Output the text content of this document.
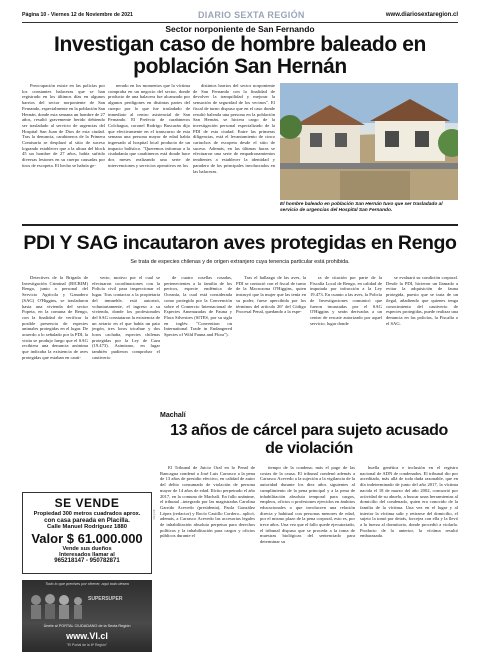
Página 10 - Viernes 12 de Noviembre de 2021	DIARIO SEXTA REGIÓN	www.diariosextaregion.cl
Sector norponiente de San Fernando
Investigan caso de hombre baleado en población San Hernán

Preocupación existe en las policías por los constantes balaceras que se han registrado en los últimos días en algunos barrios del sector norponiente de San Fernando, especialmente en la población San Hernán, donde esta semana un hombre de 27 años, resultó gravemente herido debiendo ser trasladado al servicio de urgencias del Hospital San Juan de Dios de esta ciudad. Tras la denuncia, carabineros de la Primera Comisaría se desplazó al sitio de suceso logrando establecer que a la altura del block 45 un hombre de 27 años, había sufrido diversas lesiones en su cuerpo causadas por tiros de escopeta. El hecho se habría ge-

nerado en los momentos que la víctima compraba en un negocio del sector, donde producto de una balacera fue alcanzado por algunos perdigones en distintas partes del cuerpo por lo que fue trasladado de inmediato al centro asistencial de San Fernando. El Prefecto de carabineros Colchagua, coronel Rodrigo Buscarán dijo que efectivamente en el transcurso de esta semana una persona mayor de edad había ingresado al hospital local producto de un impacto balístico. "Queremos informar a la ciudadanía que carabineros está donde hace dos meses realizando una serie de intervenciones y servicios operativos en los

distintos barrios del sector norponiente de San Fernando con la finalidad de devolver la tranquilidad y mejorar la sensación de seguridad de los vecinos". El fiscal de turno dispuso que en el caso donde resultó baleada una persona en la población San Hernán, se hiciera cargo de la investigación personal especializado de la PDI de esta ciudad. Entre las primeras diligencias, está el levantamiento de cinco cartuchos de escopeta desde el sitio de suceso. Además, en las últimas horas se efectuaron una serie de empadronamientos tendientes a establecer la identidad y paradero de los principales involucrados en las balaceras.

El hombre baleado en población San Hernán tuvo que ser trasladado al servicio de urgencias del Hospital San Fernando.
PDI Y SAG incautaron aves protegidas en Rengo
Se trata de especies chilenas y de origen extranjero cuya tenencia particular está prohibida.

Detectives de la Brigada de Investigación Criminal (BICRIM) Rengo, junto a personal del Servicio Agrícola y Ganadero (SAG) O'Higgins, se trasladaron hasta una vivienda del sector Popeta, en la comuna de Rengo, con la finalidad de verificar la posible presencia de especies animales protegidas en el lugar. De acuerdo a lo señalado por la PDI, la visita se produjo luego que el SAG recibiera una denuncia anónima que indicaba la existencia de aves protegidas que estaban en cauti-

verio, motivo por el cual se efectuaron coordinaciones con la Policía civil para inspeccionar el lugar. Tras contactar a la propietaria del inmueble, está autorizó, voluntariamente, el ingreso a su vivienda, donde los profesionales del SAG constataron la existencia de un aviario en el que había un pato jergón, tres loros tricahue y dos loros cachaña, especies chilenas protegidas por la Ley de Caza (19.473). Asimismo, en lugar también pudieron comprobar el cautiverio

de cuatro rosellas rosadas, pertenecientes a la familia de los pericos, especie endémica de Oceanía, la cual está considerada como protegida por la Convención sobre el Comercio Internacional de Especies Amenazadas de Fauna y Flora Silvestres (SITES, por su sigla en inglés: "Convention on International Trade in Endangered Species of Wild Fauna and Flora").

Tras el hallazgo de las aves, la PDI se contactó con el fiscal de turno de la Macrozona O'Higgins, quien instruyó que la mujer que las tenía en su poder, fuese apercibida por los términos del artículo 26° del Código Procesal Penal, quedando a la espe-

ra de citación por parte de la Fiscalía Local de Rengo, en calidad de imputada por infracción a la Ley 19.473. En cuanto a las aves, la Policía de Investigaciones comunicó que fueron incautadas por el SAG O'Higgins y serán derivadas a un centro de rescate autorizado por aquel servicio, lugar donde

se evaluará su condición corporal. Desde la PDI, hicieron un llamado a evitar la adquisición de fauna protegida, puesto que se trata de un ilegal, añadiendo que quienes tenga conocimiento del cautiverio de especies protegidas, puede realizar una denuncia en las policías, la Fiscalía o el SAG.

Machalí
13 años de cárcel para sujeto acusado de violación

El Tribunal de Juicio Oral en lo Penal de Rancagua condenó a José Luis Carrasco a la pena de 13 años de presidio efectivo, en calidad de autor del delito consumado de violación de persona mayor de 14 años de edad. Ilícito perpetrado el año 2017, en la comuna de Machalí. En fallo unánime, el tribunal –integrado por las magistradas Carolina Garrido Acevedo (presidenta), Paola González López (redactor) y Rocío Castillo Cordero– aplicó, además, a Carrasco Acevedo las accesorias legales de inhabilitación absoluta perpetua para derechos políticos y la inhabilitación para cargos y oficios públicos durante el

tiempo de la condena; más el pago de las costas de la causa. El tribunal condenó además a Carrasco Acevedo a la sujeción a la vigilancia de la autoridad durante los diez años siguientes al cumplimiento de la pena principal y a la pena de inhabilitación absoluta temporal para cargos, empleos, oficios o profesiones ejercidos en ámbitos educacionales o que involucren una relación directa y habitual con personas menores de edad, por el mismo plazo de la pena corporal, esto es, por trece años. Una vez que el fallo quede ejecutoriado, el tribunal dispuso que se proceda a la toma de muestras biológicas del sentenciado para determinar su

huella genética e inclusión en el registro nacional de ADN de condenados. El tribunal dio por acreditado, más allá de toda duda razonable, que en día indeterminado de junio del año 2017, la víctima nacida el 18 de marzo del año 2002, concurrió por actividad de su abuelo, a buscar unas herramientas al domicilio del condenado, quien era conocido de la familia de la víctima. Una vez en el lugar y al interior la víctima salir y retirarse del domicilio, el sujeto la tomó por detrás, forcejea con ella y la llevó a la fuerza al dormitorio, donde procedió a violarla. Producto de la anterior, la víctima resultó embarazada.

3hQ3tP
SE VENDE
Propiedad 300 metros cuadrados aprox.
con casa pareada en Placilla.
Calle Manuel Rodríguez 1880
Valor $ 61.000.000
Vende sus dueños
Interesados llamar al
965218147 - 950782871
Todo lo que precises por ofrecer, aquí todo desea
SUPERSUPER
Únete al PORTAL CIUDADANO de la Sexta Región
www.Vl.cl
"El Portal de la 6ª Región"
